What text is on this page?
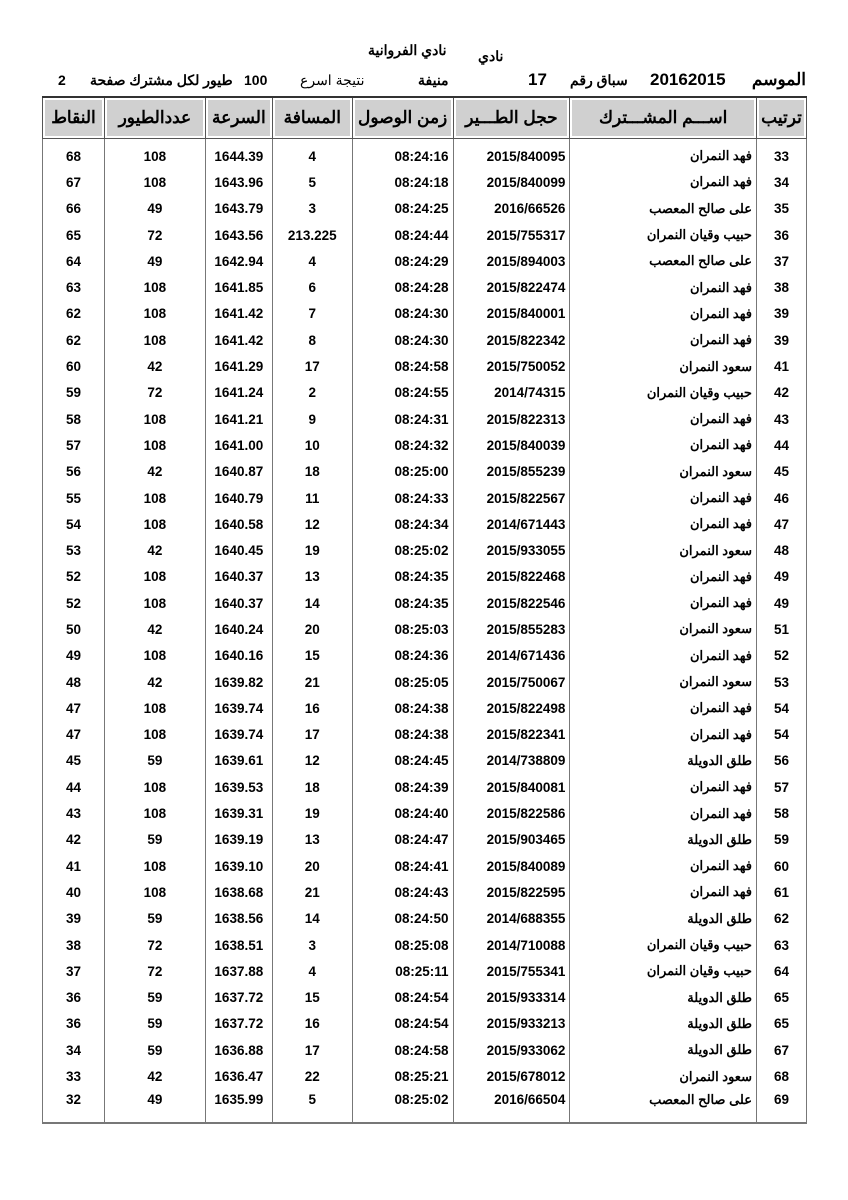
نادي
نادي الفروانية
الموسم
20162015
سباق رقم
17
منيفة
نتيجة اسرع
100
طيور لكل مشترك صفحة
2
النقاط	عددالطيور	السرعة	المسافة	زمن الوصول	حجل الطـــير	اســـم المشـــترك	ترتيب
68	108	1644.39	4	08:24:16	2015/840095	فهد النمران	33
67	108	1643.96	5	08:24:18	2015/840099	فهد النمران	34
66	49	1643.79	3	08:24:25	2016/66526	على صالح المعصب	35
65	72	1643.56	213.225	08:24:44	2015/755317	حبيب وقيان النمران	36
64	49	1642.94	4	08:24:29	2015/894003	على صالح المعصب	37
63	108	1641.85	6	08:24:28	2015/822474	فهد النمران	38
62	108	1641.42	7	08:24:30	2015/840001	فهد النمران	39
62	108	1641.42	8	08:24:30	2015/822342	فهد النمران	39
60	42	1641.29	17	08:24:58	2015/750052	سعود النمران	41
59	72	1641.24	2	08:24:55	2014/74315	حبيب وقيان النمران	42
58	108	1641.21	9	08:24:31	2015/822313	فهد النمران	43
57	108	1641.00	10	08:24:32	2015/840039	فهد النمران	44
56	42	1640.87	18	08:25:00	2015/855239	سعود النمران	45
55	108	1640.79	11	08:24:33	2015/822567	فهد النمران	46
54	108	1640.58	12	08:24:34	2014/671443	فهد النمران	47
53	42	1640.45	19	08:25:02	2015/933055	سعود النمران	48
52	108	1640.37	13	08:24:35	2015/822468	فهد النمران	49
52	108	1640.37	14	08:24:35	2015/822546	فهد النمران	49
50	42	1640.24	20	08:25:03	2015/855283	سعود النمران	51
49	108	1640.16	15	08:24:36	2014/671436	فهد النمران	52
48	42	1639.82	21	08:25:05	2015/750067	سعود النمران	53
47	108	1639.74	16	08:24:38	2015/822498	فهد النمران	54
47	108	1639.74	17	08:24:38	2015/822341	فهد النمران	54
45	59	1639.61	12	08:24:45	2014/738809	طلق الدويلة	56
44	108	1639.53	18	08:24:39	2015/840081	فهد النمران	57
43	108	1639.31	19	08:24:40	2015/822586	فهد النمران	58
42	59	1639.19	13	08:24:47	2015/903465	طلق الدويلة	59
41	108	1639.10	20	08:24:41	2015/840089	فهد النمران	60
40	108	1638.68	21	08:24:43	2015/822595	فهد النمران	61
39	59	1638.56	14	08:24:50	2014/688355	طلق الدويلة	62
38	72	1638.51	3	08:25:08	2014/710088	حبيب وقيان النمران	63
37	72	1637.88	4	08:25:11	2015/755341	حبيب وقيان النمران	64
36	59	1637.72	15	08:24:54	2015/933314	طلق الدويلة	65
36	59	1637.72	16	08:24:54	2015/933213	طلق الدويلة	65
34	59	1636.88	17	08:24:58	2015/933062	طلق الدويلة	67
33	42	1636.47	22	08:25:21	2015/678012	سعود النمران	68
32	49	1635.99	5	08:25:02	2016/66504	على صالح المعصب	69
